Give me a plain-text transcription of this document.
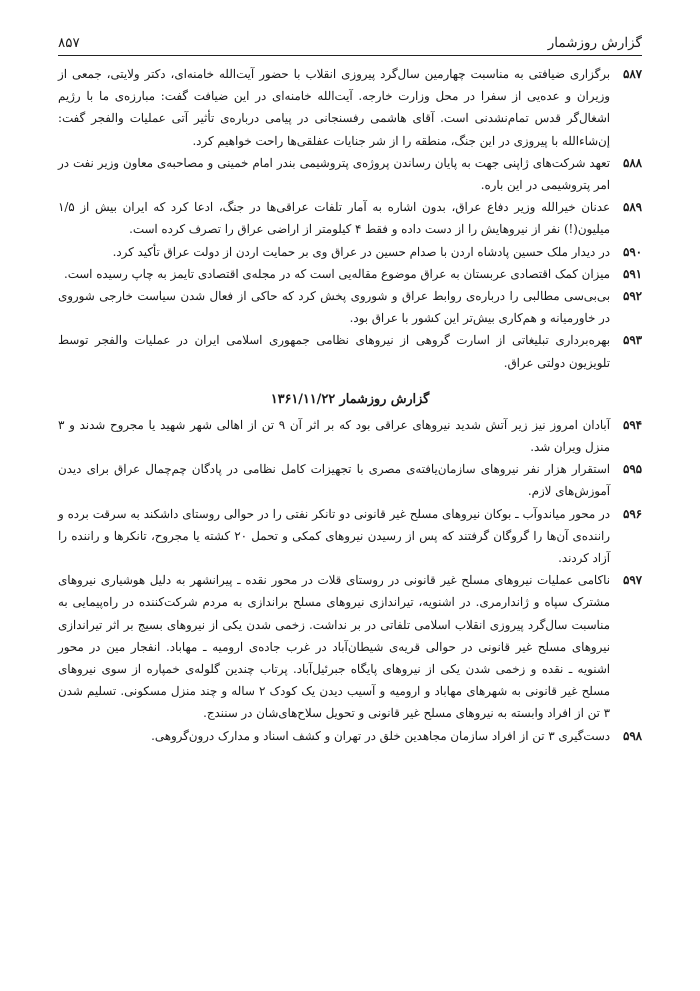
گزارش روزشمار
۸۵۷
۵۸۷
برگزاری ضیافتی به مناسبت چهارمین سال‌گرد پیروزی انقلاب با حضور آیت‌الله خامنه‌ای، دکتر ولایتی، جمعی از وزیران و عده‌یی از سفرا در محل وزارت خارجه. آیت‌الله خامنه‌ای در این ضیافت گفت: مبارزه‌ی ما با رژیم اشغال‌گر قدس تمام‌نشدنی است. آقای هاشمی رفسنجانی در پیامی درباره‌ی تأثیر آتی عملیات والفجر گفت: إن‌شاءالله با پیروزی در این جنگ، منطقه را از شر جنایات عفلقی‌ها راحت خواهیم کرد.
۵۸۸
تعهد شرکت‌های ژاپنی جهت به پایان رساندن پروژه‌ی پتروشیمی بندر امام خمینی و مصاحبه‌ی معاون وزیر نفت در امر پتروشیمی در این باره.
۵۸۹
عدنان خیرالله وزیر دفاع عراق، بدون اشاره به آمار تلفات عراقی‌ها در جنگ، ادعا کرد که ایران بیش از ۱/۵ میلیون(!) نفر از نیروهایش را از دست داده و فقط ۴ کیلومتر از اراضی عراق را تصرف کرده است.
۵۹۰
در دیدار ملک حسین پادشاه اردن با صدام حسین در عراق وی بر حمایت اردن از دولت عراق تأکید کرد.
۵۹۱
میزان کمک اقتصادی عربستان به عراق موضوع مقاله‌یی است که در مجله‌ی اقتصادی تایمز به چاپ رسیده است.
۵۹۲
بی‌بی‌سی مطالبی را درباره‌ی روابط عراق و شوروی پخش کرد که حاکی از فعال شدن سیاست خارجی شوروی در خاورمیانه و هم‌کاری بیش‌تر این کشور با عراق بود.
۵۹۳
بهره‌برداری تبلیغاتی از اسارت گروهی از نیروهای نظامی جمهوری اسلامی ایران در عملیات والفجر توسط تلویزیون دولتی عراق.
گزارش روزشمار ۱۳۶۱/۱۱/۲۲
۵۹۴
آبادان امروز نیز زیر آتش شدید نیروهای عراقی بود که بر اثر آن ۹ تن از اهالی شهر شهید یا مجروح شدند و ۳ منزل ویران شد.
۵۹۵
استقرار هزار نفر نیروهای سازمان‌یافته‌ی مصری با تجهیزات کامل نظامی در پادگان چم‌چمال عراق برای دیدن آموزش‌های لازم.
۵۹۶
در محور میاندوآب ـ بوکان نیروهای مسلح غیر قانونی دو تانکر نفتی را در حوالی روستای داشکند به سرقت برده و راننده‌ی آن‌ها را گروگان گرفتند که پس از رسیدن نیروهای کمکی و تحمل ۲۰ کشته یا مجروح، تانکرها و راننده را آزاد کردند.
۵۹۷
ناکامی عملیات نیروهای مسلح غیر قانونی در روستای قلات در محور نقده ـ پیرانشهر به دلیل هوشیاری نیروهای مشترک سپاه و ژاندارمری. در اشنویه، تیراندازی نیروهای مسلح براندازی به مردم شرکت‌کننده در راه‌پیمایی به مناسبت سال‌گرد پیروزی انقلاب اسلامی تلفاتی در بر نداشت. زخمی شدن یکی از نیروهای بسیج بر اثر تیراندازی نیروهای مسلح غیر قانونی در حوالی قریه‌ی شیطان‌آباد در غرب جاده‌ی ارومیه ـ مهاباد. انفجار مین در محور اشنویه ـ نقده و زخمی شدن یکی از نیروهای پایگاه جبرئیل‌آباد. پرتاب چندین گلوله‌ی خمپاره از سوی نیروهای مسلح غیر قانونی به شهرهای مهاباد و ارومیه و آسیب دیدن یک کودک ۲ ساله و چند منزل مسکونی. تسلیم شدن ۳ تن از افراد وابسته به نیروهای مسلح غیر قانونی و تحویل سلاح‌های‌شان در سنندج.
۵۹۸
دست‌گیری ۳ تن از افراد سازمان مجاهدین خلق در تهران و کشف اسناد و مدارک درون‌گروهی.
